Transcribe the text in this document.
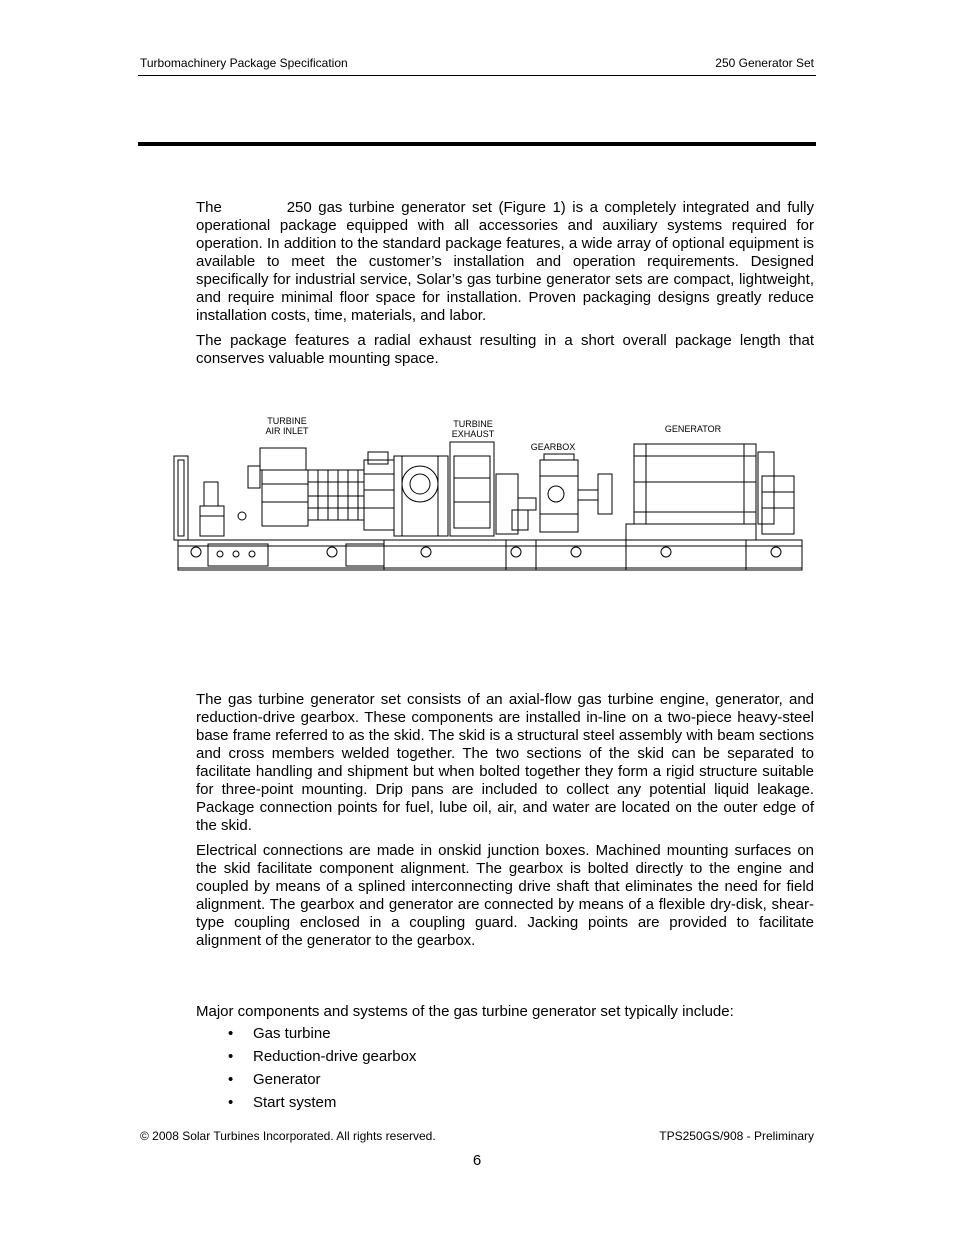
Turbomachinery Package Specification	250 Generator Set

The          250 gas turbine generator set (Figure 1) is a completely integrated and fully operational package equipped with all accessories and auxiliary systems required for operation. In addition to the standard package features, a wide array of optional equipment is available to meet the customer’s installation and operation requirements. Designed specifically for industrial service, Solar’s gas turbine generator sets are compact, lightweight, and require minimal floor space for installation. Proven packaging designs greatly reduce installation costs, time, materials, and labor.

The package features a radial exhaust resulting in a short overall package length that conserves valuable mounting space.

TURBINE
AIR INLET
TURBINE
EXHAUST
GEARBOX
GENERATOR

The gas turbine generator set consists of an axial-flow gas turbine engine, generator, and reduction-drive gearbox. These components are installed in-line on a two-piece heavy-steel base frame referred to as the skid. The skid is a structural steel assembly with beam sections and cross members welded together. The two sections of the skid can be separated to facilitate handling and shipment but when bolted together they form a rigid structure suitable for three-point mounting. Drip pans are included to collect any potential liquid leakage. Package connection points for fuel, lube oil, air, and water are located on the outer edge of the skid.

Electrical connections are made in onskid junction boxes. Machined mounting surfaces on the skid facilitate component alignment. The gearbox is bolted directly to the engine and coupled by means of a splined interconnecting drive shaft that eliminates the need for field alignment. The gearbox and generator are connected by means of a flexible dry-disk, shear-type coupling enclosed in a coupling guard. Jacking points are provided to facilitate alignment of the generator to the gearbox.

Major components and systems of the gas turbine generator set typically include:

• Gas turbine
• Reduction-drive gearbox
• Generator
• Start system
© 2008 Solar Turbines Incorporated. All rights reserved.	TPS250GS/908 - Preliminary
6
